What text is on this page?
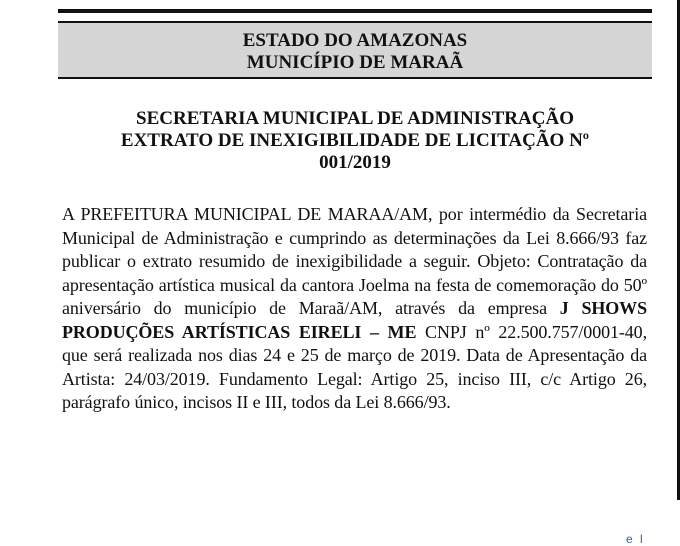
ESTADO DO AMAZONAS
MUNICÍPIO DE MARAÃ
SECRETARIA MUNICIPAL DE ADMINISTRAÇÃO
EXTRATO DE INEXIGIBILIDADE DE LICITAÇÃO Nº
001/2019
A PREFEITURA MUNICIPAL DE MARAA/AM, por intermédio da Secretaria Municipal de Administração e cumprindo as determinações da Lei 8.666/93 faz publicar o extrato resumido de inexigibilidade a seguir. Objeto: Contratação da apresentação artística musical da cantora Joelma na festa de comemoração do 50º aniversário do município de Maraã/AM, através da empresa J SHOWS PRODUÇÕES ARTÍSTICAS EIRELI – ME CNPJ nº 22.500.757/0001-40, que será realizada nos dias 24 e 25 de março de 2019. Data de Apresentação da Artista: 24/03/2019. Fundamento Legal: Artigo 25, inciso III, c/c Artigo 26, parágrafo único, incisos II e III, todos da Lei 8.666/93.
e l
